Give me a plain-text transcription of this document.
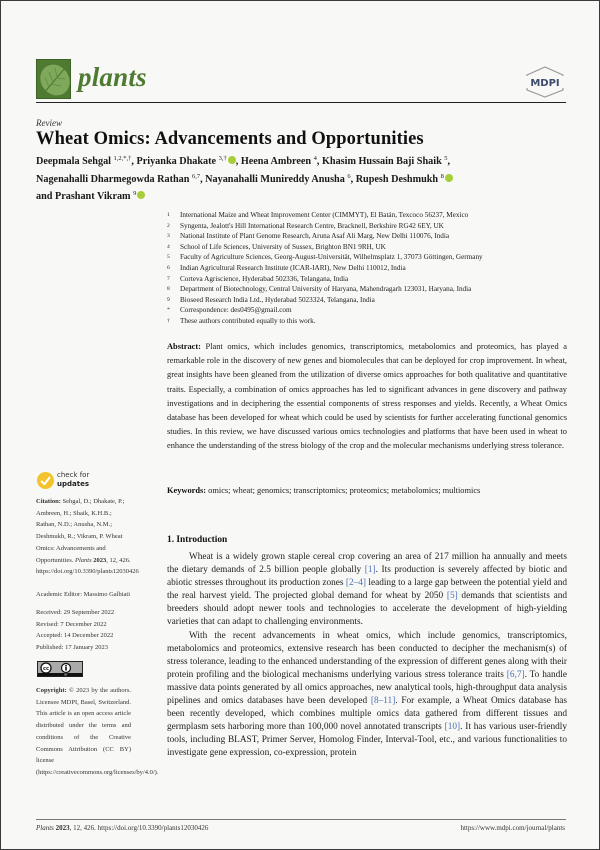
plants	MDPI
Review
Wheat Omics: Advancements and Opportunities
Deepmala Sehgal $^{1,2,*,\dagger}$, Priyanka Dhakate $^{3,\dagger}$ , Heena Ambreen $^4$, Khasim Hussain Baji Shaik $^5$,
Nagenahalli Dharmegowda Rathan $^{6,7}$, Nayanahalli Munireddy Anusha $^6$, Rupesh Deshmukh $^8$
and Prashant Vikram $^9$
1	International Maize and Wheat Improvement Center (CIMMYT), El Batán, Texcoco 56237, Mexico
2	Syngenta, Jealott's Hill International Research Centre, Bracknell, Berkshire RG42 6EY, UK
3	National Institute of Plant Genome Research, Aruna Asaf Ali Marg, New Delhi 110076, India
4	School of Life Sciences, University of Sussex, Brighton BN1 9RH, UK
5	Faculty of Agriculture Sciences, Georg-August-Universität, Wilhelmsplatz 1, 37073 Göttingen, Germany
6	Indian Agricultural Research Institute (ICAR-IARI), New Delhi 110012, India
7	Corteva Agriscience, Hyderabad 502336, Telangana, India
8	Department of Biotechnology, Central University of Haryana, Mahendragarh 123031, Haryana, India
9	Bioseed Research India Ltd., Hyderabad 5023324, Telangana, India
*	Correspondence: des0495@gmail.com
†	These authors contributed equally to this work.
Abstract: Plant omics, which includes genomics, transcriptomics, metabolomics and proteomics, has played a remarkable role in the discovery of new genes and biomolecules that can be deployed for crop improvement. In wheat, great insights have been gleaned from the utilization of diverse omics approaches for both qualitative and quantitative traits. Especially, a combination of omics approaches has led to significant advances in gene discovery and pathway investigations and in deciphering the essential components of stress responses and yields. Recently, a Wheat Omics database has been developed for wheat which could be used by scientists for further accelerating functional genomics studies. In this review, we have discussed various omics technologies and platforms that have been used in wheat to enhance the understanding of the stress biology of the crop and the molecular mechanisms underlying stress tolerance.
Keywords: omics; wheat; genomics; transcriptomics; proteomics; metabolomics; multiomics
check for
updates
Citation: Sehgal, D.; Dhakate, P.; Ambreen, H.; Shaik, K.H.B.; Rathan, N.D.; Anusha, N.M.; Deshmukh, R.; Vikram, P. Wheat Omics: Advancements and Opportunities. Plants 2023, 12, 426. https://doi.org/10.3390/plants12030426
Academic Editor: Massimo Galbiati
Received: 29 September 2022
Revised: 7 December 2022
Accepted: 14 December 2022
Published: 17 January 2023
cc
BY
Copyright: © 2023 by the authors. Licensee MDPI, Basel, Switzerland. This article is an open access article distributed under the terms and conditions of the Creative Commons Attribution (CC BY) license (https://creativecommons.org/licenses/by/4.0/).
1. Introduction

Wheat is a widely grown staple cereal crop covering an area of 217 million ha annually and meets the dietary demands of 2.5 billion people globally [1]. Its production is severely affected by biotic and abiotic stresses throughout its production zones [2–4] leading to a large gap between the potential yield and the real harvest yield. The projected global demand for wheat by 2050 [5] demands that scientists and breeders should adopt newer tools and technologies to accelerate the development of high-yielding varieties that can adapt to challenging environments.

With the recent advancements in wheat omics, which include genomics, transcriptomics, metabolomics and proteomics, extensive research has been conducted to decipher the mechanism(s) of stress tolerance, leading to the enhanced understanding of the expression of different genes along with their protein profiling and the biological mechanisms underlying various stress tolerance traits [6,7]. To handle massive data points generated by all omics approaches, new analytical tools, high-throughput data analysis pipelines and omics databases have been developed [8–11]. For example, a Wheat Omics database has been recently developed, which combines multiple omics data gathered from different tissues and germplasm sets harboring more than 100,000 novel annotated transcripts [10]. It has various user-friendly tools, including BLAST, Primer Server, Homolog Finder, Interval-Tool, etc., and various functionalities to investigate gene expression, co-expression, protein

Plants 2023, 12, 426. https://doi.org/10.3390/plants12030426	https://www.mdpi.com/journal/plants
